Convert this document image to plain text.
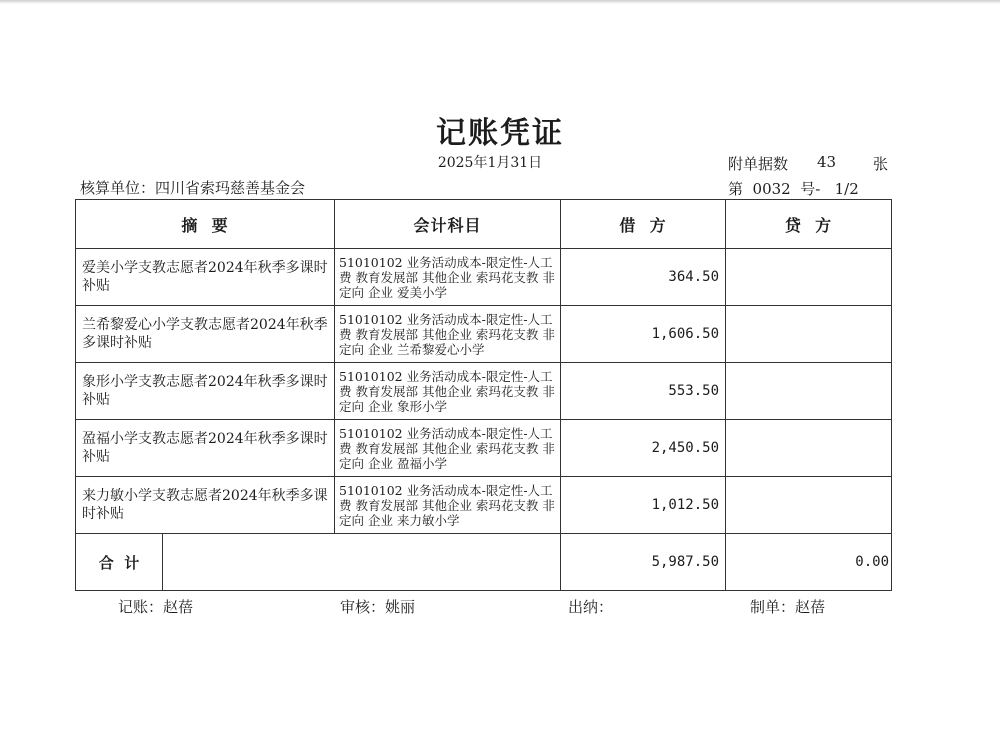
记账凭证
2025年1月31日	附单据数 43 张
核算单位：四川省索玛慈善基金会	第  0032  号-   1/2
摘  要	会计科目	借  方	贷  方
爱美小学支教志愿者2024年秋季多课时补贴	51010102 业务活动成本-限定性-人工费 教育发展部 其他企业 索玛花支教 非定向 企业 爱美小学	364.50	
兰希黎爱心小学支教志愿者2024年秋季多课时补贴	51010102 业务活动成本-限定性-人工费 教育发展部 其他企业 索玛花支教 非定向 企业 兰希黎爱心小学	1,606.50	
象形小学支教志愿者2024年秋季多课时补贴	51010102 业务活动成本-限定性-人工费 教育发展部 其他企业 索玛花支教 非定向 企业 象形小学	553.50	
盈福小学支教志愿者2024年秋季多课时补贴	51010102 业务活动成本-限定性-人工费 教育发展部 其他企业 索玛花支教 非定向 企业 盈福小学	2,450.50	
来力敏小学支教志愿者2024年秋季多课时补贴	51010102 业务活动成本-限定性-人工费 教育发展部 其他企业 索玛花支教 非定向 企业 来力敏小学	1,012.50	

合  计		5,987.50	0.00
记账：赵蓓	审核：姚丽	出纳：	制单：赵蓓
